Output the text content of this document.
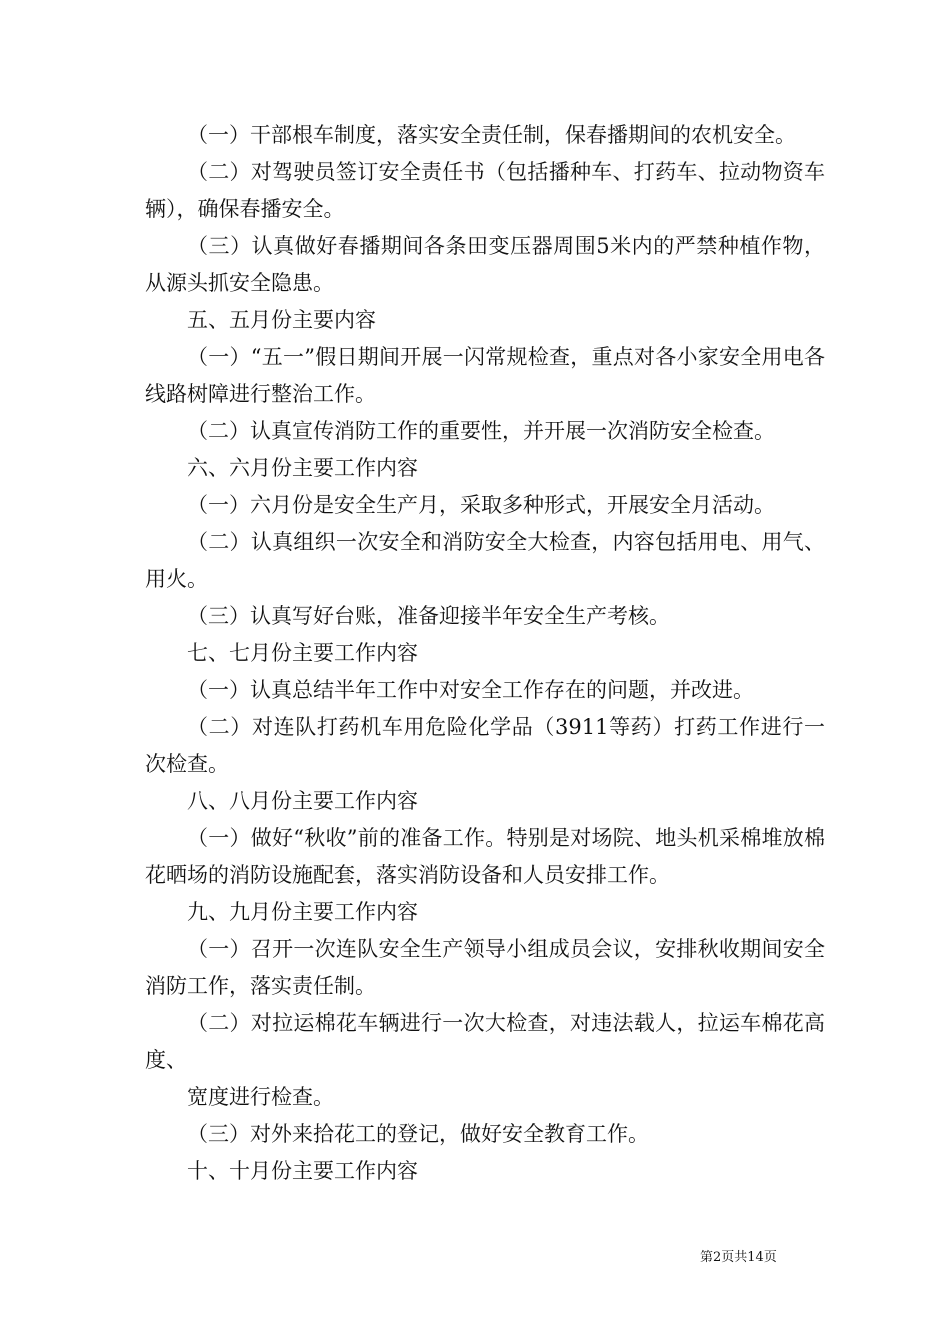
（一）干部根车制度，落实安全责任制，保春播期间的农机安全。

（二）对驾驶员签订安全责任书（包括播种车、打药车、拉动物资车辆），确保春播安全。

（三）认真做好春播期间各条田变压器周围5米内的严禁种植作物，从源头抓安全隐患。

五、五月份主要内容

（一）“五一”假日期间开展一闪常规检查，重点对各小家安全用电各线路树障进行整治工作。

（二）认真宣传消防工作的重要性，并开展一次消防安全检查。

六、六月份主要工作内容

（一）六月份是安全生产月，采取多种形式，开展安全月活动。

（二）认真组织一次安全和消防安全大检查，内容包括用电、用气、用火。

（三）认真写好台账，准备迎接半年安全生产考核。

七、七月份主要工作内容

（一）认真总结半年工作中对安全工作存在的问题，并改进。

（二）对连队打药机车用危险化学品（3911等药）打药工作进行一次检查。

八、八月份主要工作内容

（一）做好“秋收”前的准备工作。特别是对场院、地头机采棉堆放棉花晒场的消防设施配套，落实消防设备和人员安排工作。

九、九月份主要工作内容

（一）召开一次连队安全生产领导小组成员会议，安排秋收期间安全消防工作，落实责任制。

（二）对拉运棉花车辆进行一次大检查，对违法载人，拉运车棉花高度、

宽度进行检查。

（三）对外来拾花工的登记，做好安全教育工作。

十、十月份主要工作内容

第2页共14页
